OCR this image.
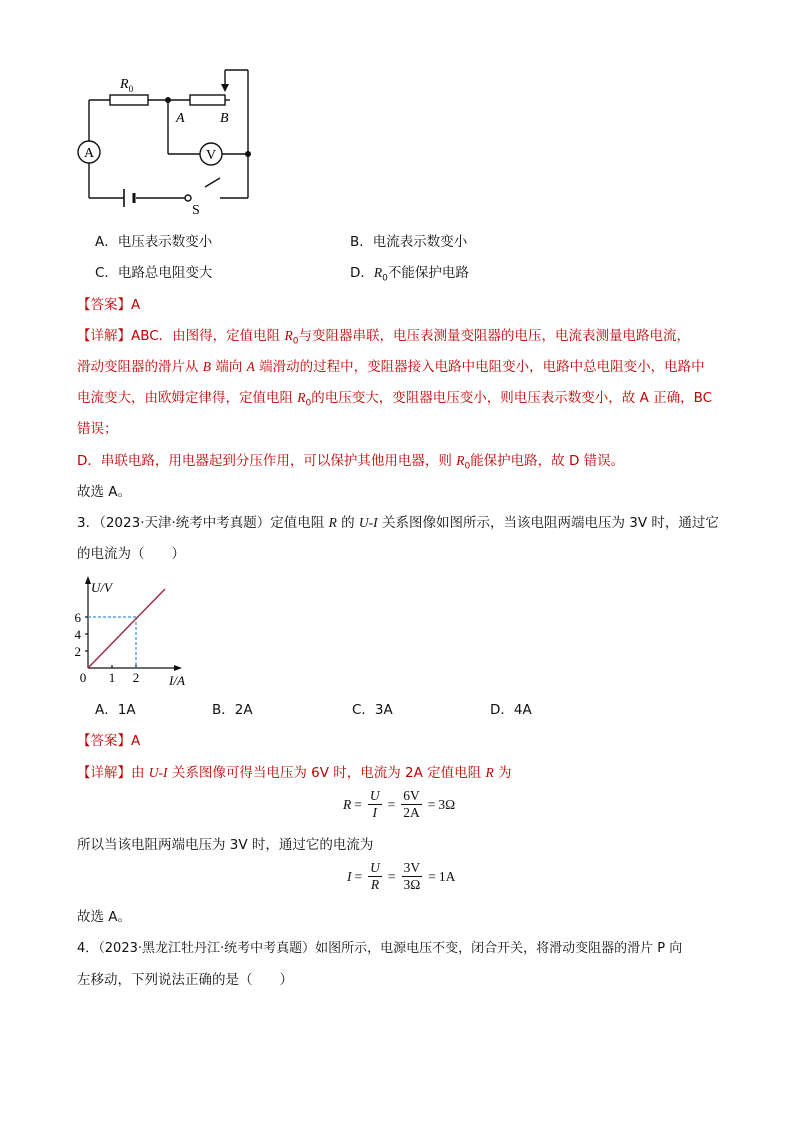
A	V
$R_0$
A	B
S
A．电压表示数变小	B．电流表示数变小
C．电路总电阻变大	D．$R_0$不能保护电路
【答案】A
【详解】ABC．由图得，定值电阻 $R_0$与变阻器串联，电压表测量变阻器的电压，电流表测量电路电流，
滑动变阻器的滑片从 B 端向 A 端滑动的过程中，变阻器接入电路中电阻变小，电路中总电阻变小，电路中
电流变大，由欧姆定律得，定值电阻 $R_0$的电压变大，变阻器电压变小，则电压表示数变小，故 A 正确，BC
错误；
D．串联电路，用电器起到分压作用，可以保护其他用电器，则 $R_0$能保护电路，故 D 错误。
故选 A。
3．（2023·天津·统考中考真题）定值电阻 R 的 U-I 关系图像如图所示，当该电阻两端电压为 3V 时，通过它
的电流为（　　）
U/V
I/A
0
2
4
6
1 2
A．1A	B．2A	C．3A	D．4A
【答案】A
【详解】由 U-I 关系图像可得当电压为 6V 时，电流为 2A 定值电阻 R 为
$R = \frac{U}{I} = \frac{6V}{2A} = 3\Omega$
所以当该电阻两端电压为 3V 时，通过它的电流为
$I = \frac{U}{R} = \frac{3V}{3\Omega} = 1A$
故选 A。
4．（2023·黑龙江牡丹江·统考中考真题）如图所示，电源电压不变，闭合开关，将滑动变阻器的滑片 P 向
左移动，下列说法正确的是（　　）
